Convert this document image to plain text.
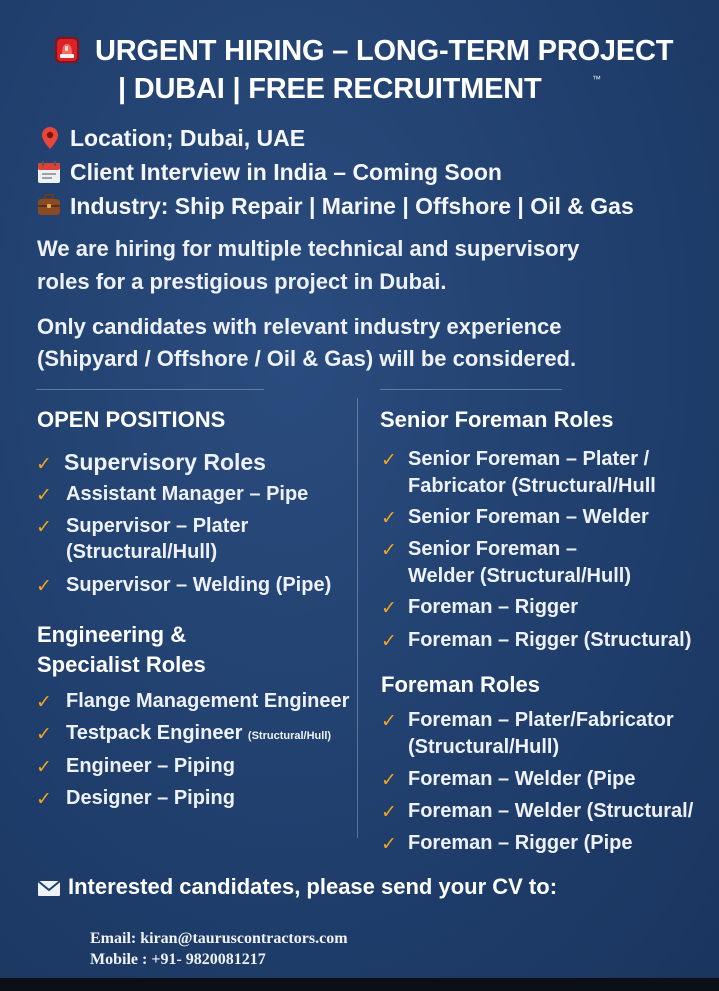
URGENT HIRING – LONG-TERM PROJECT
| DUBAI | FREE RECRUITMENT	™
Location; Dubai, UAE
Client Interview in India – Coming Soon
Industry: Ship Repair | Marine | Offshore | Oil & Gas
We are hiring for multiple technical and supervisory
roles for a prestigious project in Dubai.
Only candidates with relevant industry experience
(Shipyard / Offshore / Oil & Gas) will be considered.
OPEN POSITIONS
✓ Supervisory Roles
✓ Assistant Manager – Pipe
✓ Supervisor – Plater
(Structural/Hull)
✓ Supervisor – Welding (Pipe)
Engineering &
Specialist Roles
✓ Flange Management Engineer
✓ Testpack Engineer (Structural/Hull)
✓ Engineer – Piping
✓ Designer – Piping
Senior Foreman Roles
✓ Senior Foreman – Plater /
Fabricator (Structural/Hull
✓ Senior Foreman – Welder
✓ Senior Foreman –
Welder (Structural/Hull)
✓ Foreman – Rigger
✓ Foreman – Rigger (Structural)
Foreman Roles
✓ Foreman – Plater/Fabricator
(Structural/Hull)
✓ Foreman – Welder (Pipe
✓ Foreman – Welder (Structural/
✓ Foreman – Rigger (Pipe
Interested candidates, please send your CV to:
Email: kiran@tauruscontractors.com
Mobile : +91- 9820081217
